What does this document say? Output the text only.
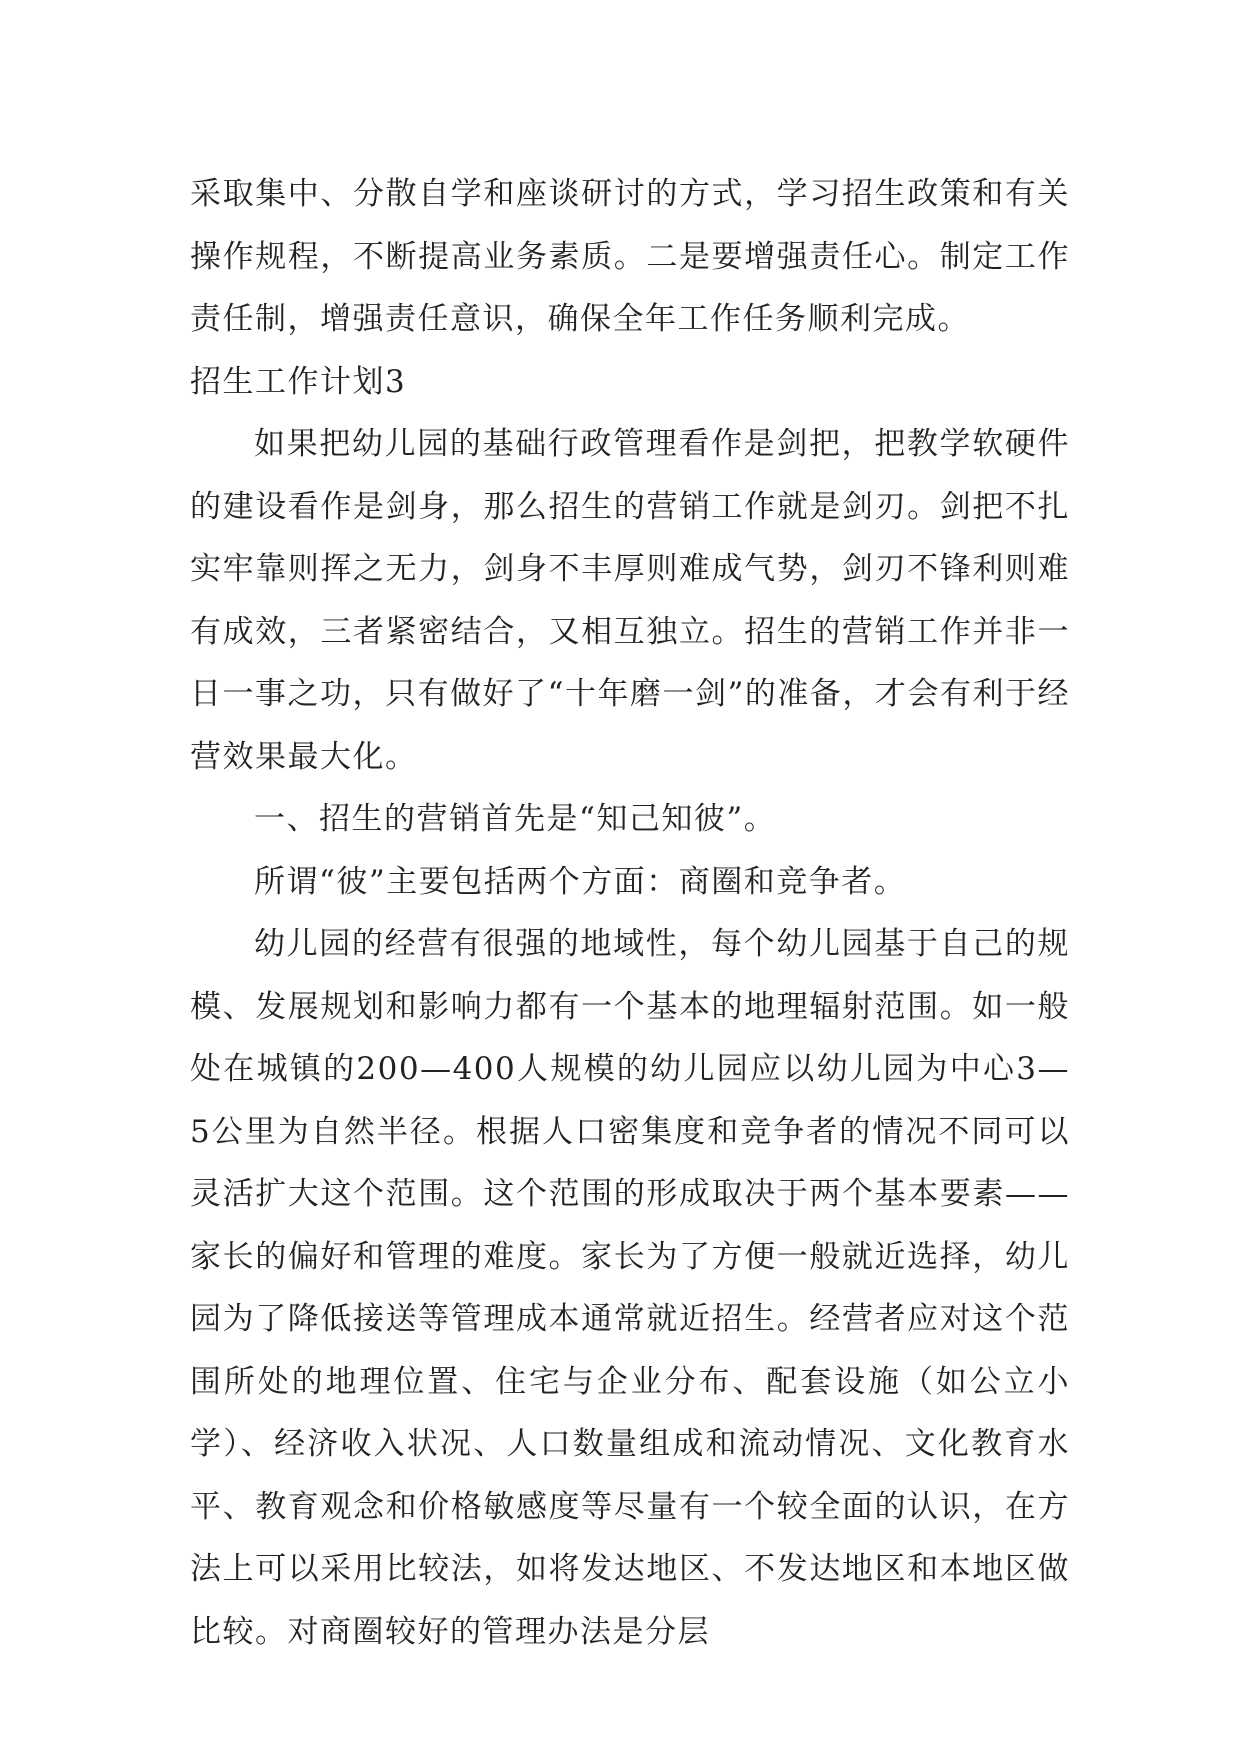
采取集中、分散自学和座谈研讨的方式，学习招生政策和有关操作规程，不断提高业务素质。二是要增强责任心。制定工作责任制，增强责任意识，确保全年工作任务顺利完成。

招生工作计划3

如果把幼儿园的基础行政管理看作是剑把，把教学软硬件的建设看作是剑身，那么招生的营销工作就是剑刃。剑把不扎实牢靠则挥之无力，剑身不丰厚则难成气势，剑刃不锋利则难有成效，三者紧密结合，又相互独立。招生的营销工作并非一日一事之功，只有做好了“十年磨一剑”的准备，才会有利于经营效果最大化。

一、招生的营销首先是“知己知彼”。

所谓“彼”主要包括两个方面：商圈和竞争者。

幼儿园的经营有很强的地域性，每个幼儿园基于自己的规模、发展规划和影响力都有一个基本的地理辐射范围。如一般处在城镇的200—400人规模的幼儿园应以幼儿园为中心3—5公里为自然半径。根据人口密集度和竞争者的情况不同可以灵活扩大这个范围。这个范围的形成取决于两个基本要素——家长的偏好和管理的难度。家长为了方便一般就近选择，幼儿园为了降低接送等管理成本通常就近招生。经营者应对这个范围所处的地理位置、住宅与企业分布、配套设施（如公立小学）、经济收入状况、人口数量组成和流动情况、文化教育水平、教育观念和价格敏感度等尽量有一个较全面的认识，在方法上可以采用比较法，如将发达地区、不发达地区和本地区做比较。对商圈较好的管理办法是分层
